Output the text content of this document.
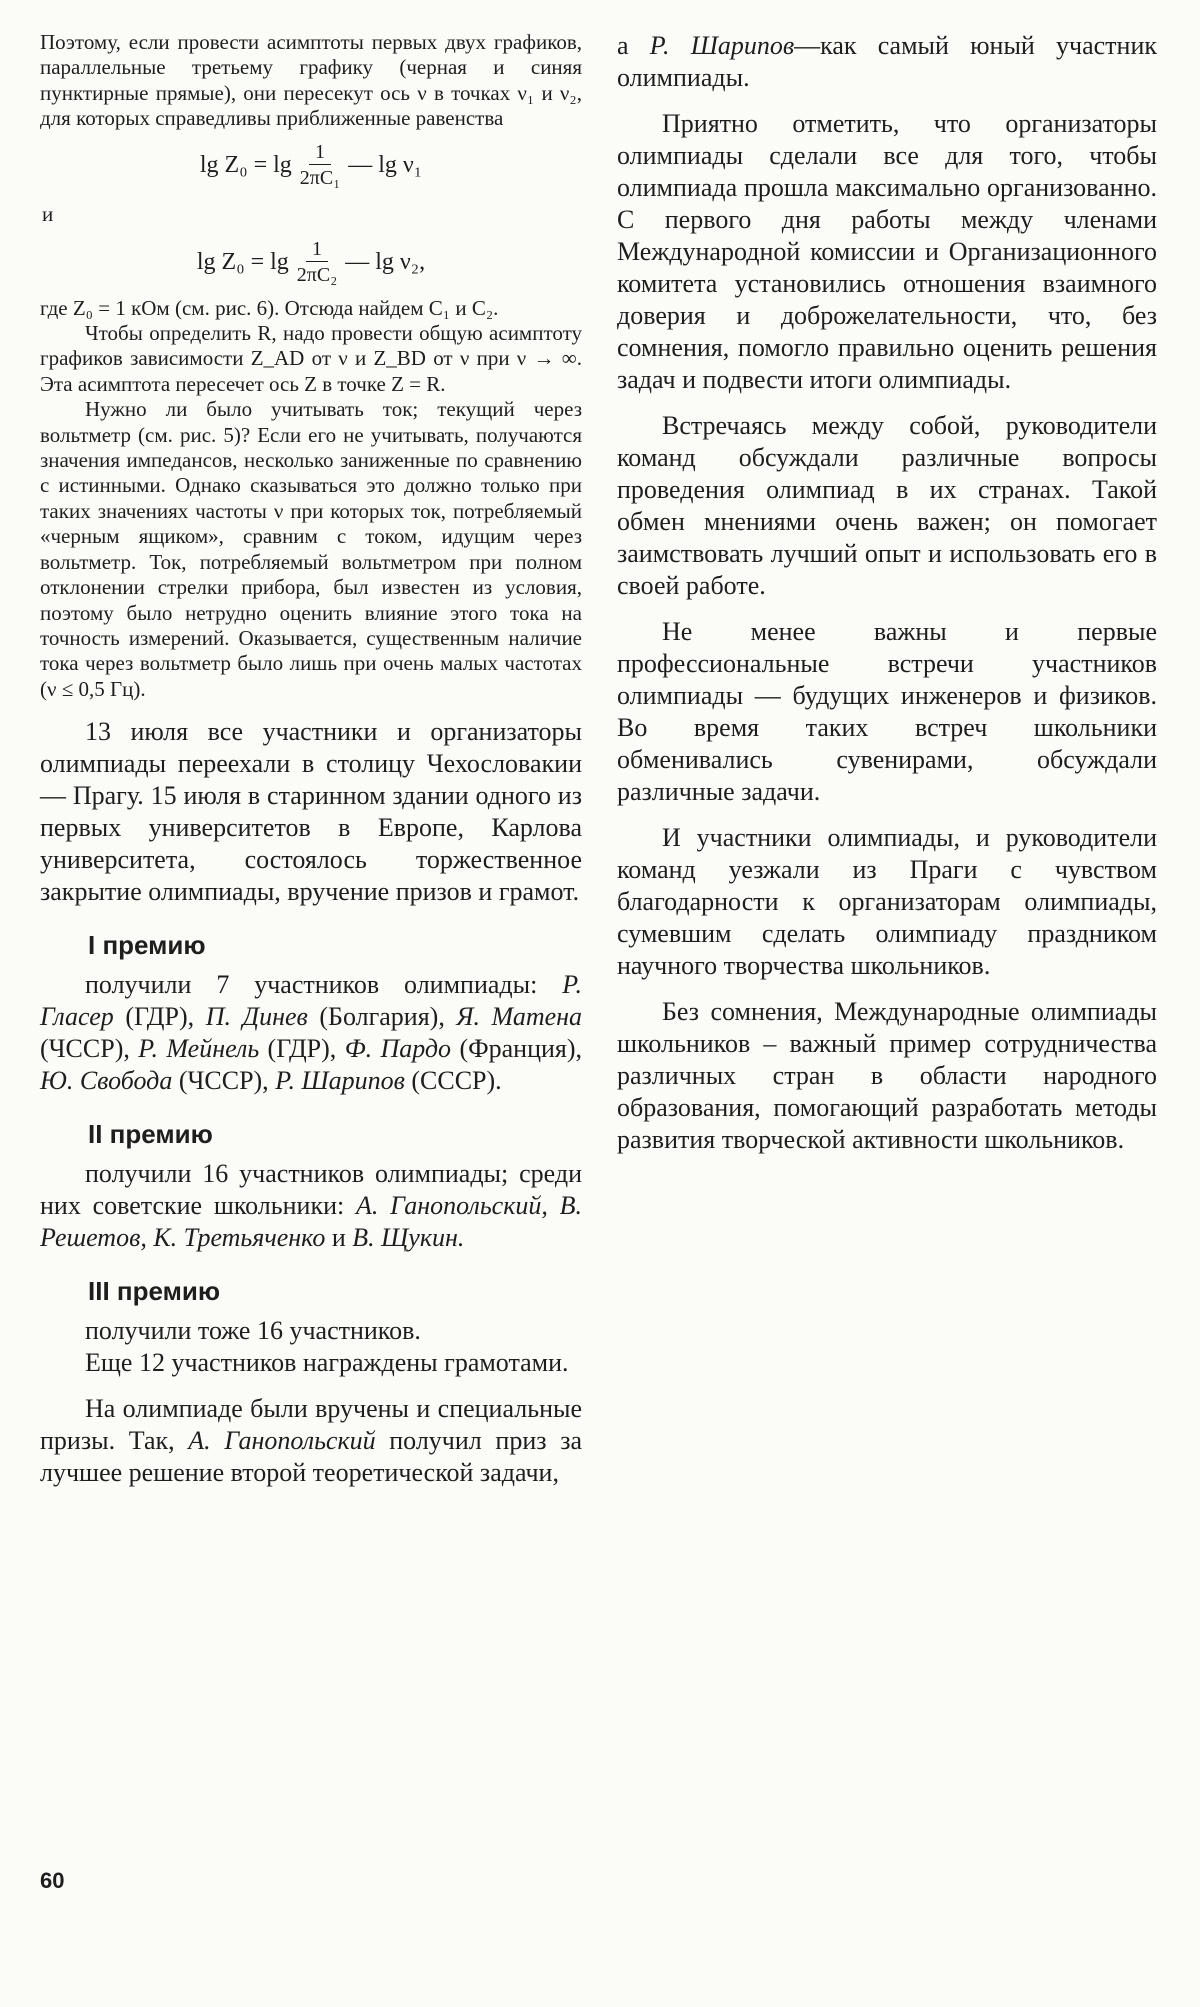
Поэтому, если провести асимптоты первых двух графиков, параллельные третьему графику (черная и синяя пунктирные прямые), они пересекут ось ν в точках ν₁ и ν₂, для которых справедливы приближенные равенства

$\lg Z_0 = \lg \frac{1}{\text{2πC₁}}$ — lg ν₁
и
$\lg Z_0 = \lg \frac{1}{\text{2πC₂}}$ — lg ν₂,

где Z₀ = 1 кОм (см. рис. 6). Отсюда найдем C₁ и C₂.

Чтобы определить R, надо провести общую асимптоту графиков зависимости Z_AD от ν и Z_BD от ν при ν → ∞. Эта асимптота пересечет ось Z в точке Z = R.

Нужно ли было учитывать ток; текущий через вольтметр (см. рис. 5)? Если его не учитывать, получаются значения импедансов, несколько заниженные по сравнению с истинными. Однако сказываться это должно только при таких значениях частоты ν при которых ток, потребляемый «черным ящиком», сравним с током, идущим через вольтметр. Ток, потребляемый вольтметром при полном отклонении стрелки прибора, был известен из условия, поэтому было нетрудно оценить влияние этого тока на точность измерений. Оказывается, существенным наличие тока через вольтметр было лишь при очень малых частотах (ν ≤ 0,5 Гц).

13 июля все участники и организаторы олимпиады переехали в столицу Чехословакии — Прагу. 15 июля в старинном здании одного из первых университетов в Европе, Карлова университета, состоялось торжественное закрытие олимпиады, вручение призов и грамот.

I премию

получили 7 участников олимпиады: Р. Гласер (ГДР), П. Динев (Болгария), Я. Матена (ЧССР), Р. Мейнель (ГДР), Ф. Пардо (Франция), Ю. Свобода (ЧССР), Р. Шарипов (СССР).

II премию

получили 16 участников олимпиады; среди них советские школьники: А. Ганопольский, В. Решетов, К. Третьяченко и В. Щукин.

III премию

получили тоже 16 участников.

Еще 12 участников награждены грамотами.

На олимпиаде были вручены и специальные призы. Так, А. Ганопольский получил приз за лучшее решение второй теоретической задачи,

а Р. Шарипов—как самый юный участник олимпиады.

Приятно отметить, что организаторы олимпиады сделали все для того, чтобы олимпиада прошла максимально организованно. С первого дня работы между членами Международной комиссии и Организационного комитета установились отношения взаимного доверия и доброжелательности, что, без сомнения, помогло правильно оценить решения задач и подвести итоги олимпиады.

Встречаясь между собой, руководители команд обсуждали различные вопросы проведения олимпиад в их странах. Такой обмен мнениями очень важен; он помогает заимствовать лучший опыт и использовать его в своей работе.

Не менее важны и первые профессиональные встречи участников олимпиады — будущих инженеров и физиков. Во время таких встреч школьники обменивались сувенирами, обсуждали различные задачи.

И участники олимпиады, и руководители команд уезжали из Праги с чувством благодарности к организаторам олимпиады, сумевшим сделать олимпиаду праздником научного творчества школьников.

Без сомнения, Международные олимпиады школьников – важный пример сотрудничества различных стран в области народного образования, помогающий разработать методы развития творческой активности школьников.

60
